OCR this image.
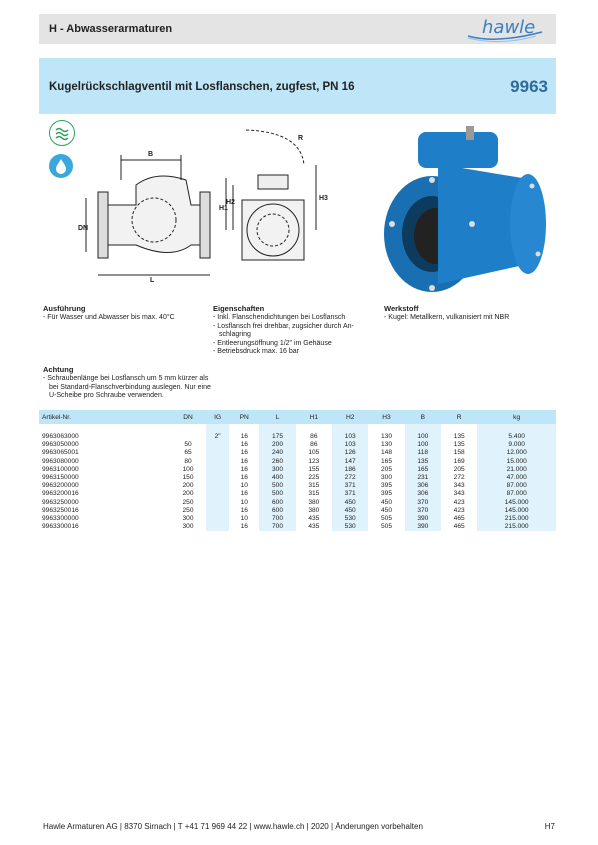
H - Abwasserarmaturen	hawle
Kugelrückschlagventil mit Losflanschen, zugfest, PN 16	9963
B
DN
L
H1
H2
R
H3
Ausführung
- Für Wasser und Abwasser bis max. 40°C
Eigenschaften
- Inkl. Flanschendichtungen bei Losflansch
- Losflansch frei drehbar, zugsicher durch An-schlagring
- Entleerungsöffnung 1/2" im Gehäuse
- Betriebsdruck max. 16 bar
Werkstoff
- Kugel: Metallkern, vulkanisiert mit NBR
Achtung
- Schraubenlänge bei Losflansch um 5 mm kürzer als bei Standard-Flanschverbindung auslegen. Nur eine U-Scheibe pro Schraube verwenden.
Artikel-Nr.	DN	IG	PN	L	H1	H2	H3	B	R	kg

9963063000		2"	16	175	86	103	130	100	135	5.400
9963050000	50		16	200	86	103	130	100	135	9.000
9963065001	65		16	240	105	126	148	118	158	12.000
9963080000	80		16	260	123	147	165	135	169	15.000
9963100000	100		16	300	155	186	205	165	205	21.000
9963150000	150		16	400	225	272	300	231	272	47.000
9963200000	200		10	500	315	371	395	306	343	87.000
9963200016	200		16	500	315	371	395	306	343	87.000
9963250000	250		10	600	380	450	450	370	423	145.000
9963250016	250		16	600	380	450	450	370	423	145.000
9963300000	300		10	700	435	530	505	390	465	215.000
9963300016	300		16	700	435	530	505	390	465	215.000
Hawle Armaturen AG | 8370 Sirnach | T +41 71 969 44 22 | www.hawle.ch | 2020 | Änderungen vorbehalten	H7
